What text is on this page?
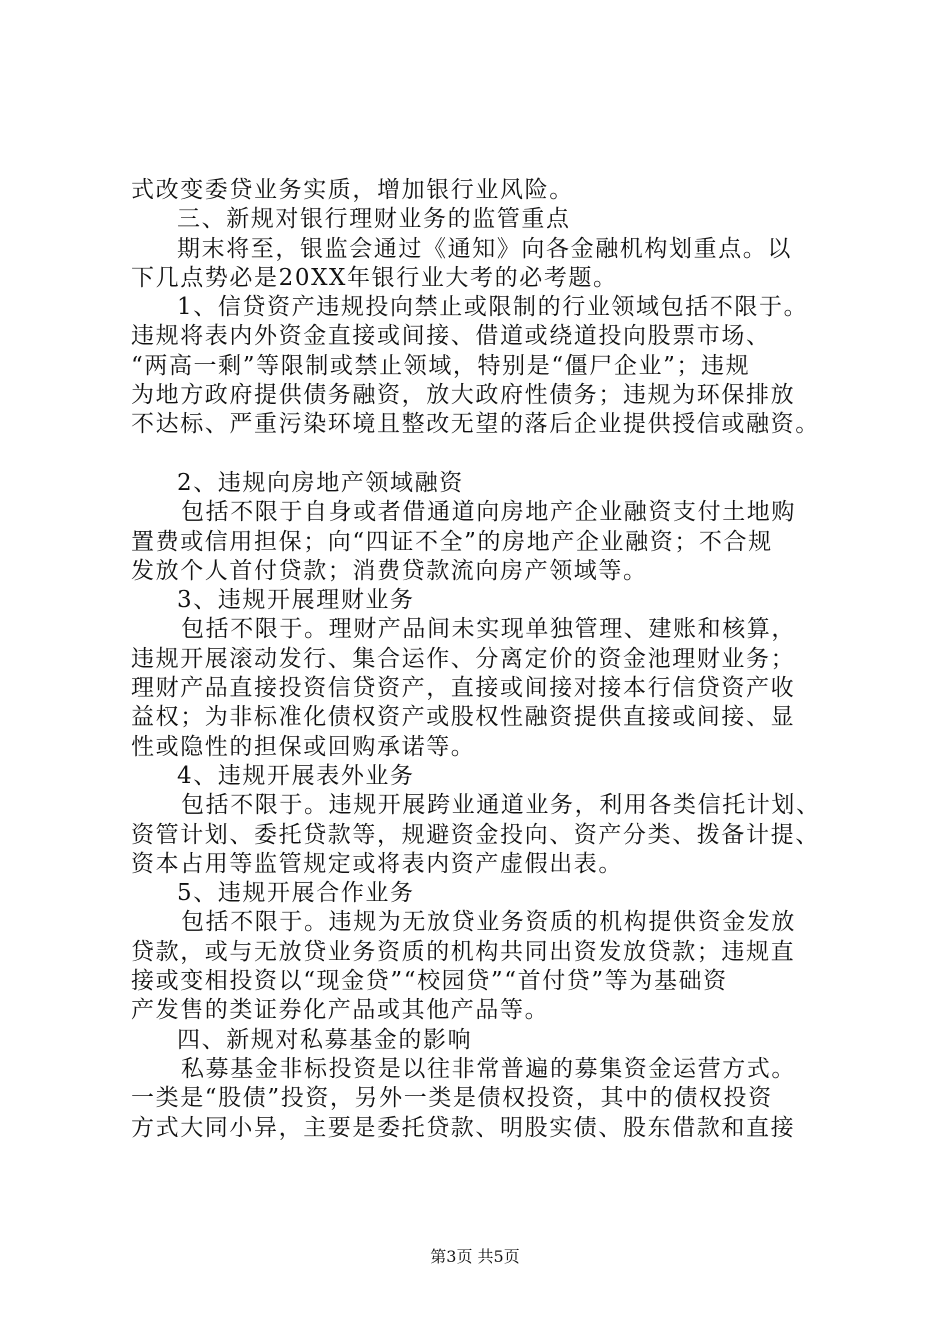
式改变委贷业务实质，增加银行业风险。
三、新规对银行理财业务的监管重点
期末将至，银监会通过《通知》向各金融机构划重点。以
下几点势必是20XX年银行业大考的必考题。
1、信贷资产违规投向禁止或限制的行业领域包括不限于。
违规将表内外资金直接或间接、借道或绕道投向股票市场、
“两高一剩”等限制或禁止领域，特别是“僵尸企业”；违规
为地方政府提供债务融资，放大政府性债务；违规为环保排放
不达标、严重污染环境且整改无望的落后企业提供授信或融资。
2、违规向房地产领域融资
包括不限于自身或者借通道向房地产企业融资支付土地购
置费或信用担保；向“四证不全”的房地产企业融资；不合规
发放个人首付贷款；消费贷款流向房产领域等。
3、违规开展理财业务
包括不限于。理财产品间未实现单独管理、建账和核算，
违规开展滚动发行、集合运作、分离定价的资金池理财业务；
理财产品直接投资信贷资产，直接或间接对接本行信贷资产收
益权；为非标准化债权资产或股权性融资提供直接或间接、显
性或隐性的担保或回购承诺等。
4、违规开展表外业务
包括不限于。违规开展跨业通道业务，利用各类信托计划、
资管计划、委托贷款等，规避资金投向、资产分类、拨备计提、
资本占用等监管规定或将表内资产虚假出表。
5、违规开展合作业务
包括不限于。违规为无放贷业务资质的机构提供资金发放
贷款，或与无放贷业务资质的机构共同出资发放贷款；违规直
接或变相投资以“现金贷”“校园贷”“首付贷”等为基础资
产发售的类证券化产品或其他产品等。
四、新规对私募基金的影响
私募基金非标投资是以往非常普遍的募集资金运营方式。
一类是“股债”投资，另外一类是债权投资，其中的债权投资
方式大同小异，主要是委托贷款、明股实债、股东借款和直接
第3页 共5页
